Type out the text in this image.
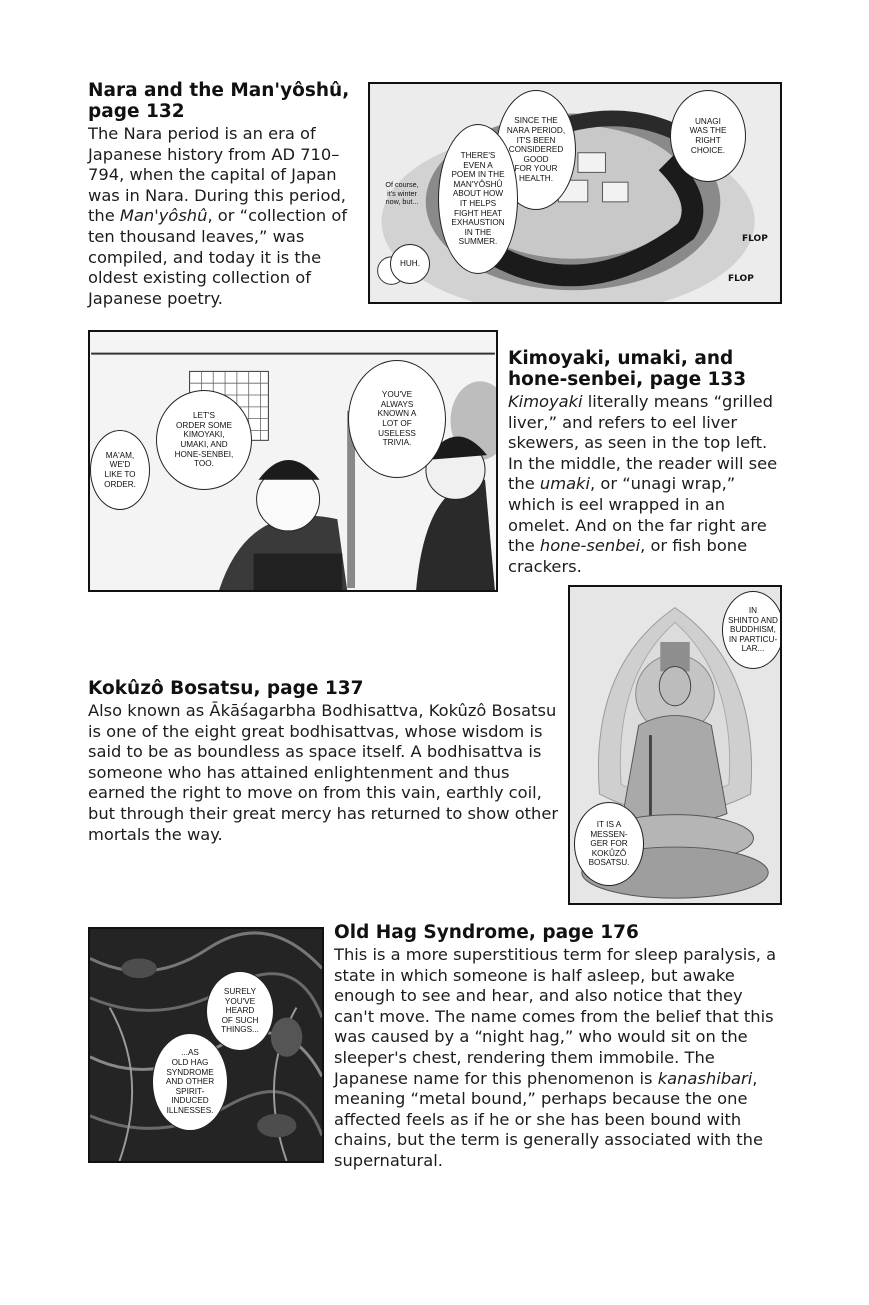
Nara and the Man'yôshû,
page 132

The Nara period is an era of Japanese history from AD 710–794, when the capital of Japan was in Nara. During this period, the Man'yôshû, or “collection of ten thousand leaves,” was compiled, and today it is the oldest existing collection of Japanese poetry.

UNAGI
WAS THE
RIGHT
CHOICE.
SINCE THE
NARA PERIOD,
IT'S BEEN
CONSIDERED
GOOD
FOR YOUR
HEALTH.
THERE'S
EVEN A
POEM IN THE
MAN'YÔSHÛ
ABOUT HOW
IT HELPS
FIGHT HEAT
EXHAUSTION
IN THE
SUMMER.
Of course,
it's winter
now, but...
HUH.
FLOP
FLOP
YOU'VE
ALWAYS
KNOWN A
LOT OF
USELESS
TRIVIA.
LET'S
ORDER SOME
KIMOYAKI,
UMAKI, AND
HONE-SENBEI,
TOO.
MA'AM,
WE'D
LIKE TO
ORDER.
Kimoyaki, umaki, and
hone-senbei, page 133

Kimoyaki literally means “grilled liver,” and refers to eel liver skewers, as seen in the top left. In the middle, the reader will see the umaki, or “unagi wrap,” which is eel wrapped in an omelet. And on the far right are the hone-senbei, or fish bone crackers.

IN
SHINTO AND
BUDDHISM,
IN PARTICU-
LAR...
IT IS A
MESSEN-
GER FOR
KOKÛZÔ
BOSATSU.
Kokûzô Bosatsu, page 137

Also known as Ākāśagarbha Bodhisattva, Kokûzô Bosatsu is one of the eight great bodhisattvas, whose wisdom is said to be as boundless as space itself. A bodhisattva is someone who has attained enlightenment and thus earned the right to move on from this vain, earthly coil, but through their great mercy has returned to show other mortals the way.

SURELY
YOU'VE
HEARD
OF SUCH
THINGS...
...AS
OLD HAG
SYNDROME
AND OTHER
SPIRIT-
INDUCED
ILLNESSES.
Old Hag Syndrome, page 176

This is a more superstitious term for sleep paralysis, a state in which someone is half asleep, but awake enough to see and hear, and also notice that they can't move. The name comes from the belief that this was caused by a “night hag,” who would sit on the sleeper's chest, rendering them immobile. The Japanese name for this phenomenon is kanashibari, meaning “metal bound,” perhaps because the one affected feels as if he or she has been bound with chains, but the term is generally associated with the supernatural.
